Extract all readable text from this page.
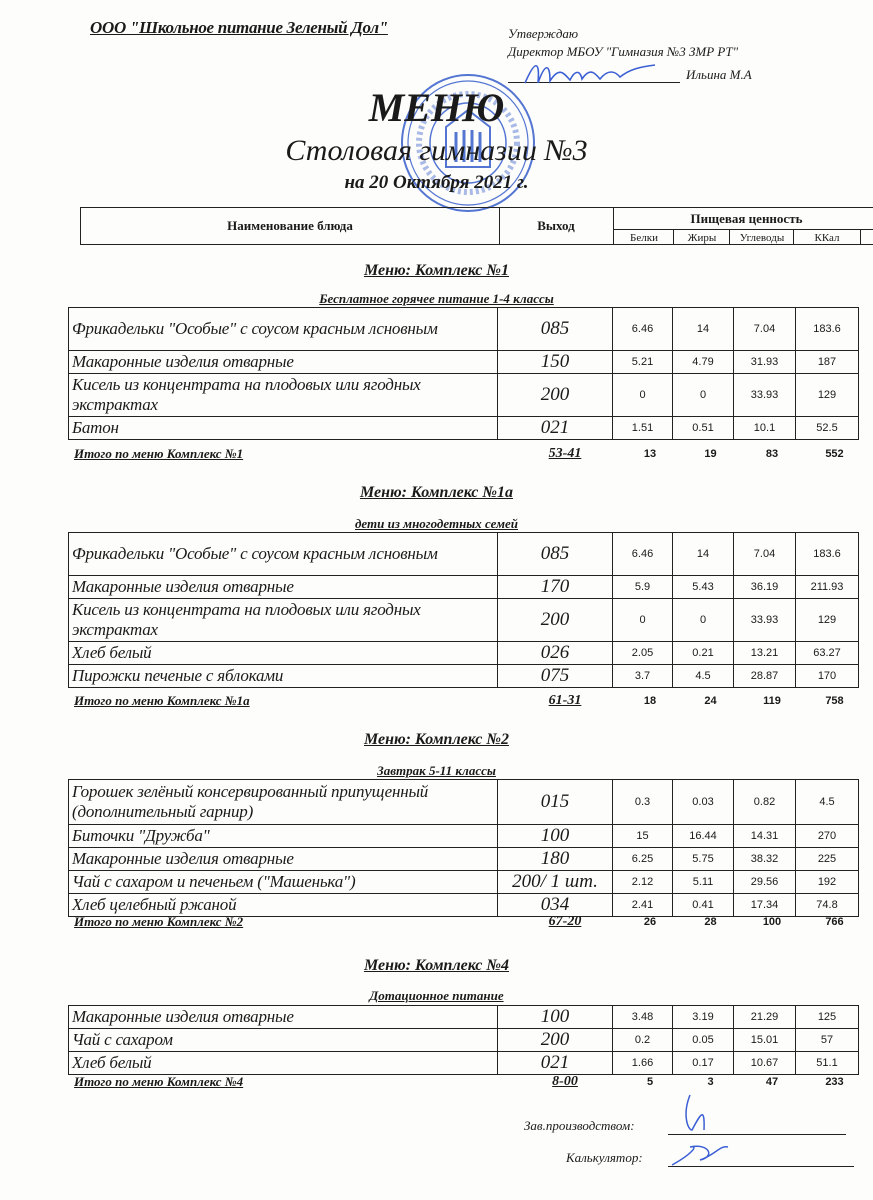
ООО "Школьное питание Зеленый Дол"	Утверждаю
Директор МБОУ "Гимназия №3 ЗМР РТ"
Ильина М.А
МЕНЮ
Столовая гимназии №3
на 20 Октября 2021 г.
Наименование блюда	Выход	Пищевая ценность
Белки	Жиры	Углеводы	ККал
Меню: Комплекс №1
Бесплатное горячее питание 1-4 классы
Фрикадельки "Особые" с соусом красным лсновным	085	6.46	14	7.04	183.6
Макаронные изделия отварные	150	5.21	4.79	31.93	187
Кисель из концентрата на плодовых или ягодных экстрактах	200	0	0	33.93	129
Батон	021	1.51	0.51	10.1	52.5
Итого по меню Комплекс №1	53-41	13	19	83	552
Меню: Комплекс №1а
дети из многодетных семей
Фрикадельки "Особые" с соусом красным лсновным	085	6.46	14	7.04	183.6
Макаронные изделия отварные	170	5.9	5.43	36.19	211.93
Кисель из концентрата на плодовых или ягодных экстрактах	200	0	0	33.93	129
Хлеб белый	026	2.05	0.21	13.21	63.27
Пирожки печеные с яблоками	075	3.7	4.5	28.87	170
Итого по меню Комплекс №1а	61-31	18	24	119	758
Меню: Комплекс №2
Завтрак 5-11 классы
Горошек зелёный консервированный припущенный (дополнительный гарнир)	015	0.3	0.03	0.82	4.5
Биточки "Дружба"	100	15	16.44	14.31	270
Макаронные изделия отварные	180	6.25	5.75	38.32	225
Чай с сахаром и печеньем ("Машенька")	200/ 1 шт.	2.12	5.11	29.56	192
Хлеб целебный ржаной	034	2.41	0.41	17.34	74.8
Итого по меню Комплекс №2	67-20	26	28	100	766
Меню: Комплекс №4
Дотационное питание
Макаронные изделия отварные	100	3.48	3.19	21.29	125
Чай с сахаром	200	0.2	0.05	15.01	57
Хлеб белый	021	1.66	0.17	10.67	51.1
Итого по меню Комплекс №4	8-00	5	3	47	233
Зав.производством:
Калькулятор:
